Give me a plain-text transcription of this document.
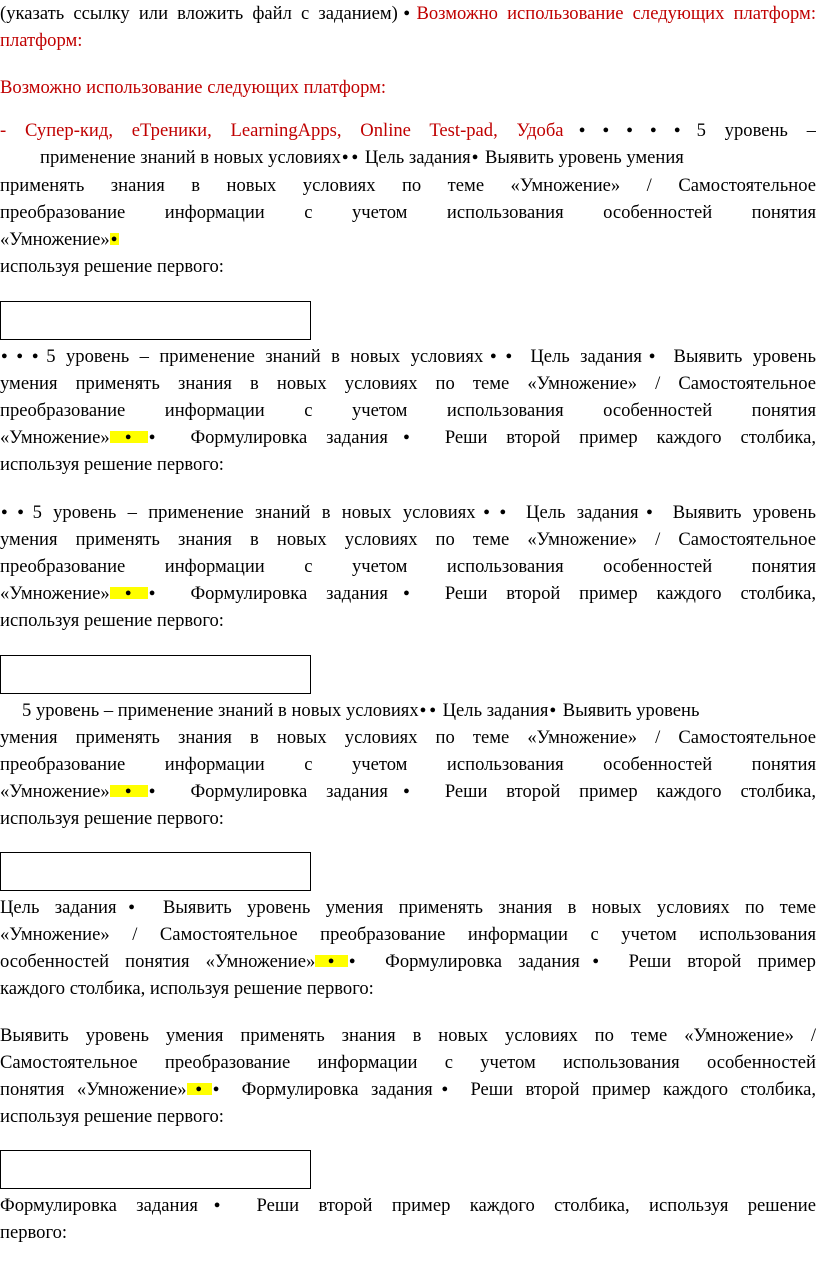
(указать ссылку или вложить файл с заданием)● Возможно использование следующих платформ:
платформ:
Возможно использование следующих платформ:
- Супер-кид, еТреники, LearningApps, Online Test-pad, Удоба● ● ● ● ● 5 уровень –
применение знаний в новых условиях● ● Цель задания● Выявить уровень умения
применять знания в новых условиях по теме «Умножение» / Самостоятельное
преобразование информации с учетом использования особенностей понятия
«Умножение»●
используя решение первого:
● ● ● 5 уровень – применение знаний в новых условиях● ● Цель задания● Выявить уровень
умения применять знания в новых условиях по теме «Умножение» / Самостоятельное
преобразование информации с учетом использования особенностей понятия
«Умножение»● ● Формулировка задания● Реши второй пример каждого столбика,
используя решение первого:
● ● 5 уровень – применение знаний в новых условиях● ● Цель задания● Выявить уровень
умения применять знания в новых условиях по теме «Умножение» / Самостоятельное
преобразование информации с учетом использования особенностей понятия
«Умножение»● ● Формулировка задания● Реши второй пример каждого столбика,
используя решение первого:
5 уровень – применение знаний в новых условиях● ● Цель задания● Выявить уровень
умения применять знания в новых условиях по теме «Умножение» / Самостоятельное
преобразование информации с учетом использования особенностей понятия
«Умножение»● ● Формулировка задания● Реши второй пример каждого столбика,
используя решение первого:
Цель задания● Выявить уровень умения применять знания в новых условиях по теме
«Умножение» / Самостоятельное преобразование информации с учетом использования
особенностей понятия «Умножение»● ● Формулировка задания● Реши второй пример
каждого столбика, используя решение первого:
Выявить уровень умения применять знания в новых условиях по теме «Умножение» /
Самостоятельное преобразование информации с учетом использования особенностей
понятия «Умножение»● ● Формулировка задания● Реши второй пример каждого столбика,
используя решение первого:
Формулировка задания● Реши второй пример каждого столбика, используя решение
первого:
